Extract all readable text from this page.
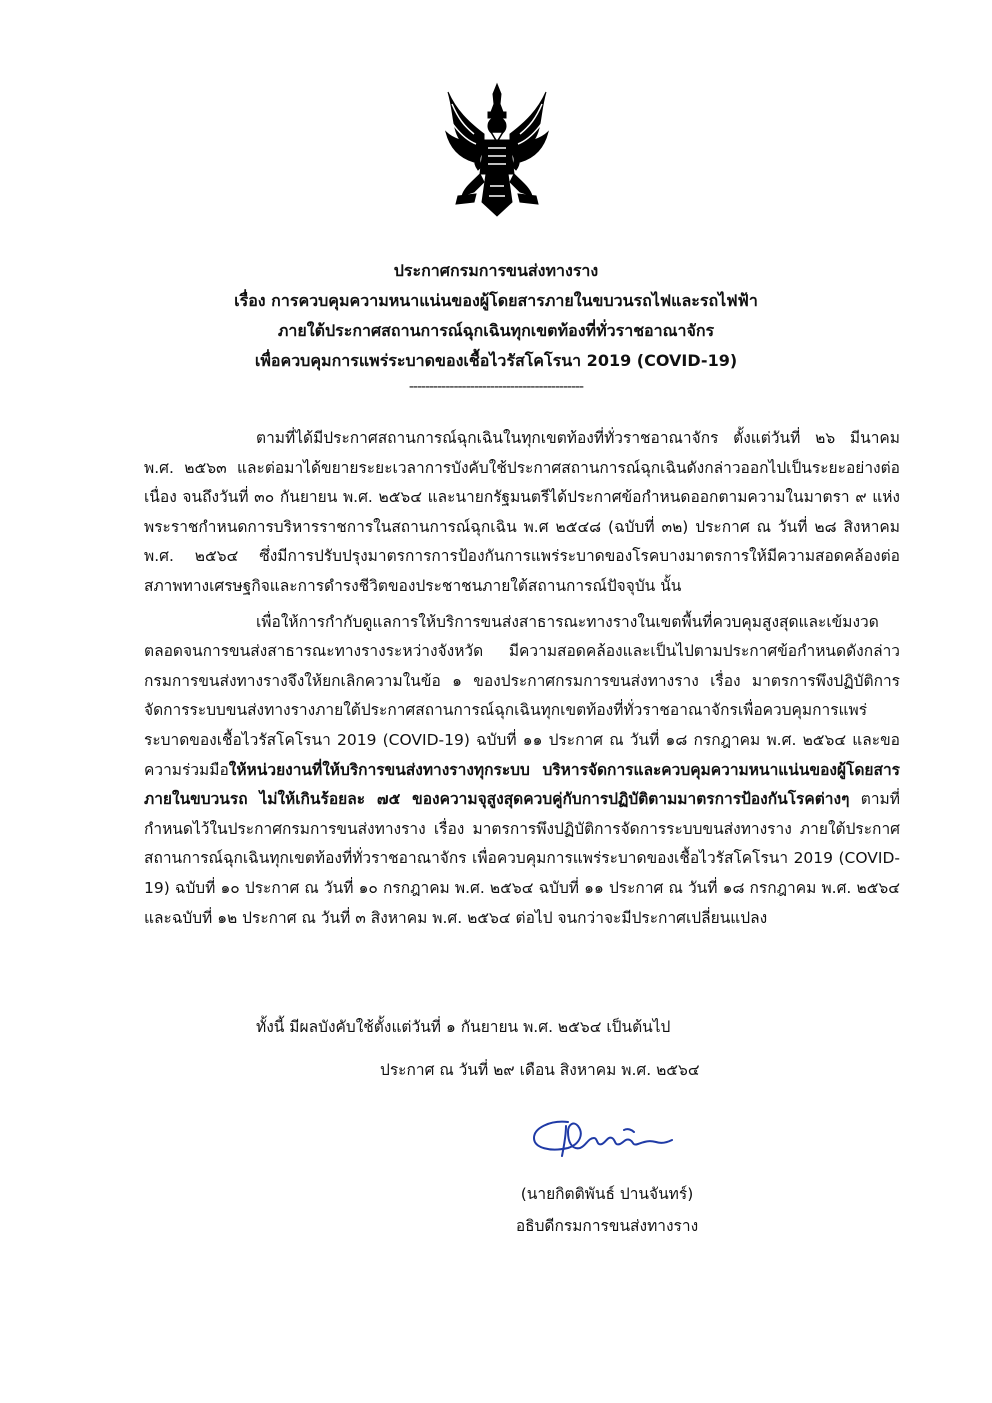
ประกาศกรมการขนส่งทางราง
เรื่อง การควบคุมความหนาแน่นของผู้โดยสารภายในขบวนรถไฟและรถไฟฟ้า
ภายใต้ประกาศสถานการณ์ฉุกเฉินทุกเขตท้องที่ทั่วราชอาณาจักร
เพื่อควบคุมการแพร่ระบาดของเชื้อไวรัสโคโรนา 2019 (COVID-19)
-------------------------------------------

ตามที่ได้มีประกาศสถานการณ์ฉุกเฉินในทุกเขตท้องที่ทั่วราชอาณาจักร ตั้งแต่วันที่ ๒๖ มีนาคม พ.ศ. ๒๕๖๓ และต่อมาได้ขยายระยะเวลาการบังคับใช้ประกาศสถานการณ์ฉุกเฉินดังกล่าวออกไปเป็นระยะอย่างต่อเนื่อง จนถึงวันที่ ๓๐ กันยายน พ.ศ. ๒๕๖๔ และนายกรัฐมนตรีได้ประกาศข้อกำหนดออกตามความในมาตรา ๙ แห่งพระราชกำหนดการบริหารราชการในสถานการณ์ฉุกเฉิน พ.ศ ๒๕๔๘ (ฉบับที่ ๓๒) ประกาศ ณ วันที่ ๒๘ สิงหาคม พ.ศ. ๒๕๖๔ ซึ่งมีการปรับปรุงมาตรการการป้องกันการแพร่ระบาดของโรคบางมาตรการให้มีความสอดคล้องต่อสภาพทางเศรษฐกิจและการดำรงชีวิตของประชาชนภายใต้สถานการณ์ปัจจุบัน นั้น

เพื่อให้การกำกับดูแลการให้บริการขนส่งสาธารณะทางรางในเขตพื้นที่ควบคุมสูงสุดและเข้มงวดตลอดจนการขนส่งสาธารณะทางรางระหว่างจังหวัด มีความสอดคล้องและเป็นไปตามประกาศข้อกำหนดดังกล่าว กรมการขนส่งทางรางจึงให้ยกเลิกความในข้อ ๑ ของประกาศกรมการขนส่งทางราง เรื่อง มาตรการพึงปฏิบัติการจัดการระบบขนส่งทางรางภายใต้ประกาศสถานการณ์ฉุกเฉินทุกเขตท้องที่ทั่วราชอาณาจักรเพื่อควบคุมการแพร่ระบาดของเชื้อไวรัสโคโรนา 2019 (COVID-19) ฉบับที่ ๑๑ ประกาศ ณ วันที่ ๑๘ กรกฎาคม พ.ศ. ๒๕๖๔ และขอความร่วมมือให้หน่วยงานที่ให้บริการขนส่งทางรางทุกระบบ บริหารจัดการและควบคุมความหนาแน่นของผู้โดยสารภายในขบวนรถ ไม่ให้เกินร้อยละ ๗๕ ของความจุสูงสุดควบคู่กับการปฏิบัติตามมาตรการป้องกันโรคต่างๆ ตามที่กำหนดไว้ในประกาศกรมการขนส่งทางราง เรื่อง มาตรการพึงปฏิบัติการจัดการระบบขนส่งทางราง ภายใต้ประกาศสถานการณ์ฉุกเฉินทุกเขตท้องที่ทั่วราชอาณาจักร เพื่อควบคุมการแพร่ระบาดของเชื้อไวรัสโคโรนา 2019 (COVID-19) ฉบับที่ ๑๐ ประกาศ ณ วันที่ ๑๐ กรกฎาคม พ.ศ. ๒๕๖๔ ฉบับที่ ๑๑ ประกาศ ณ วันที่ ๑๘ กรกฎาคม พ.ศ. ๒๕๖๔ และฉบับที่ ๑๒ ประกาศ ณ วันที่ ๓ สิงหาคม พ.ศ. ๒๕๖๔ ต่อไป จนกว่าจะมีประกาศเปลี่ยนแปลง

ทั้งนี้ มีผลบังคับใช้ตั้งแต่วันที่ ๑ กันยายน พ.ศ. ๒๕๖๔ เป็นต้นไป
ประกาศ ณ วันที่ ๒๙ เดือน สิงหาคม พ.ศ. ๒๕๖๔
(นายกิตติพันธ์ ปานจันทร์)
อธิบดีกรมการขนส่งทางราง
